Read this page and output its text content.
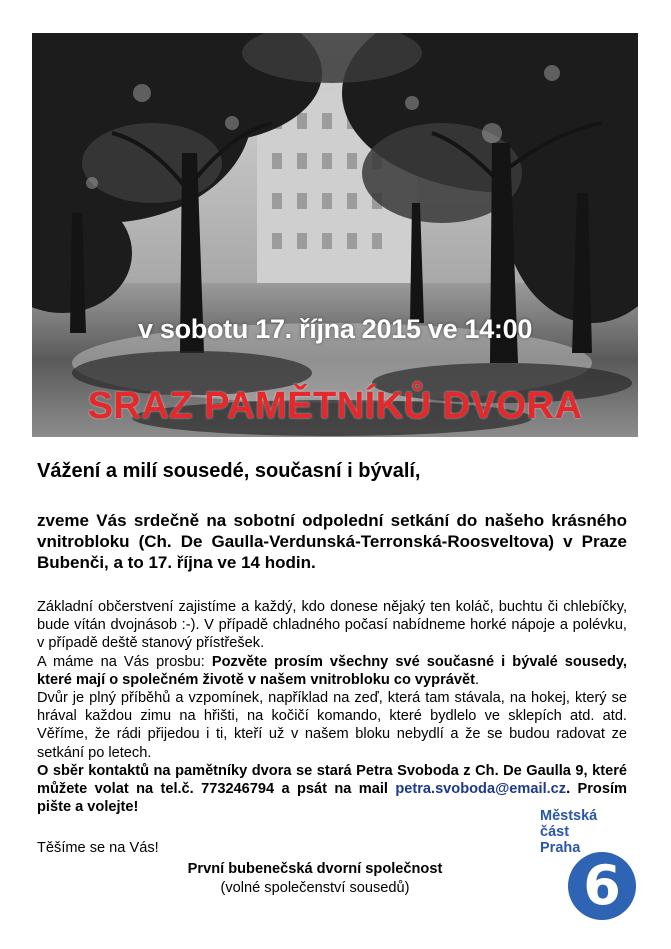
v sobotu 17. října 2015 ve 14:00
SRAZ PAMĚTNÍKŮ DVORA
Vážení a milí sousedé, současní i bývalí,
zveme Vás srdečně na sobotní odpolední setkání do našeho krásného vnitrobloku (Ch. De Gaulla-Verdunská-Terronská-Roosveltova) v Praze Bubenči, a to 17. října ve 14 hodin.

Základní občerstvení zajistíme a každý, kdo donese nějaký ten koláč, buchtu či chlebíčky, bude vítán dvojnásob :-). V případě chladného počasí nabídneme horké nápoje a polévku, v případě deště stanový přístřešek.

A máme na Vás prosbu: Pozvěte prosím všechny své současné i bývalé sousedy, které mají o společném životě v našem vnitrobloku co vyprávět.

Dvůr je plný příběhů a vzpomínek, například na zeď, která tam stávala, na hokej, který se hrával každou zimu na hřišti, na kočičí komando, které bydlelo ve sklepích atd. atd. Věříme, že rádi přijedou i ti, kteří už v našem bloku nebydlí a že se budou radovat ze setkání po letech.

O sběr kontaktů na pamětníky dvora se stará Petra Svoboda z Ch. De Gaulla 9, které můžete volat na tel.č. 773246794 a psát na mail petra.svoboda@email.cz. Prosím pište a volejte!

Těšíme se na Vás!
První bubenečská dvorní společnost
(volné společenství sousedů)
Městská
část
Praha
6
